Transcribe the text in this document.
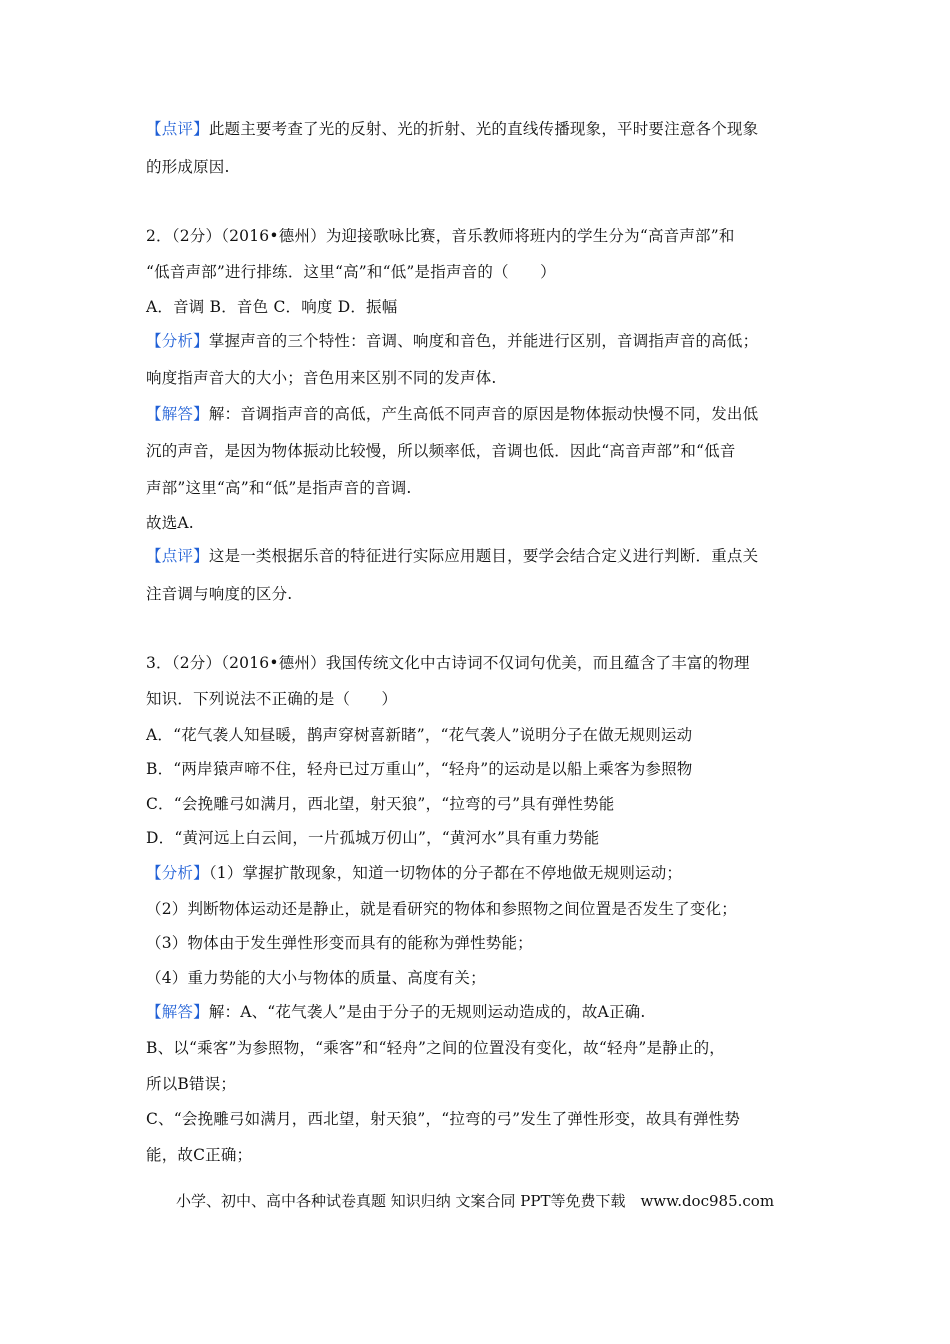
【点评】此题主要考查了光的反射、光的折射、光的直线传播现象，平时要注意各个现象
的形成原因.
2．（2分）（2016•德州）为迎接歌咏比赛，音乐教师将班内的学生分为“高音声部”和
“低音声部”进行排练．这里“高”和“低”是指声音的（　　）
A．音调 B．音色 C．响度 D．振幅
【分析】掌握声音的三个特性：音调、响度和音色，并能进行区别，音调指声音的高低；
响度指声音大的大小；音色用来区别不同的发声体.
【解答】解：音调指声音的高低，产生高低不同声音的原因是物体振动快慢不同，发出低
沉的声音，是因为物体振动比较慢，所以频率低，音调也低．因此“高音声部”和“低音
声部”这里“高”和“低”是指声音的音调.
故选A.
【点评】这是一类根据乐音的特征进行实际应用题目，要学会结合定义进行判断．重点关
注音调与响度的区分.
3．（2分）（2016•德州）我国传统文化中古诗词不仅词句优美，而且蕴含了丰富的物理
知识．下列说法不正确的是（　　）
A．“花气袭人知昼暖，鹊声穿树喜新睹”，“花气袭人”说明分子在做无规则运动
B．“两岸猿声啼不住，轻舟已过万重山”，“轻舟”的运动是以船上乘客为参照物
C．“会挽雕弓如满月，西北望，射天狼”，“拉弯的弓”具有弹性势能
D．“黄河远上白云间，一片孤城万仞山”，“黄河水”具有重力势能
【分析】（1）掌握扩散现象，知道一切物体的分子都在不停地做无规则运动；
（2）判断物体运动还是静止，就是看研究的物体和参照物之间位置是否发生了变化；
（3）物体由于发生弹性形变而具有的能称为弹性势能；
（4）重力势能的大小与物体的质量、高度有关；
【解答】解：A、“花气袭人”是由于分子的无规则运动造成的，故A正确.
B、以“乘客”为参照物，“乘客”和“轻舟”之间的位置没有变化，故“轻舟”是静止的，
所以B错误；
C、“会挽雕弓如满月，西北望，射天狼”，“拉弯的弓”发生了弹性形变，故具有弹性势
能，故C正确；
小学、初中、高中各种试卷真题 知识归纳 文案合同 PPT等免费下载　www.doc985.com
